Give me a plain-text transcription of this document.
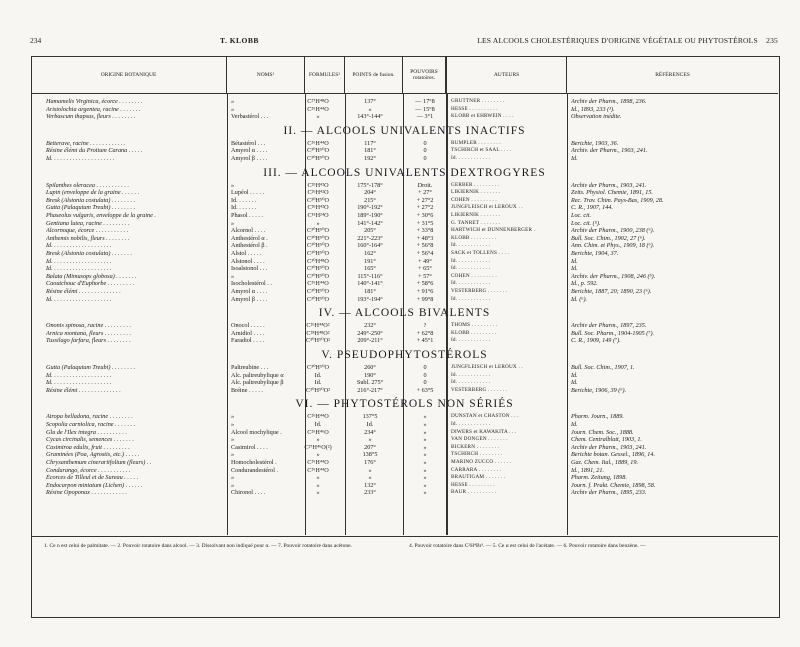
234	T. KLOBB	LES ALCOOLS CHOLESTÉRIQUES D'ORIGINE VÉGÉTALE OU PHYTOSTÉROLS 235
ORIGINE BOTANIQUE	NOMS¹	FORMULES²	POINTS de fusion.	POUVOIRS rotatoires.	AUTEURS	RÉFÉRENCES
Hamamelis Virginica, écorce . . . . . . . .	»	C²⁷H⁴⁸O	137°	— 17°8	GRÜTTNER . . . . . . . .	Archiv der Pharm., 1898, 236.
Aristolochia argentea, racine . . . . . . .	»	C²⁶H⁴⁴O	»	— 15°8	HESSE . . . . . . . . . .	Id., 1893, 233 (³).
Verbascum thapsus, fleurs . . . . . . . .	Verbastérol . . .	»	143°-144°	— 3°1	KLOBB et EHRWEIN . . . .	Observation inédite.
II. — ALCOOLS UNIVALENTS INACTIFS
Betterave, racine . . . . . . . . . . . .	Bétastérol . . .	C²⁶H⁴⁴O	117°	0	RÜMPLER . . . . . . . .	Berichte, 1903, 36.
Résine élémi du Protium Carana . . . . .	Amyrol α . . . .	C³⁰H⁵⁰O	181°	0	TSCHIRCH et SAAL . . . .	Archiv. der Pharm., 1903, 241.
Id. . . . . . . . . . . . . . . . . . . . .	Amyrol β . . . .	C³⁰H⁵⁰O	192°	0	Id. . . . . . . . . . . .	Id.
III. — ALCOOLS UNIVALENTS DEXTROGYRES
Spilanthes oleracea . . . . . . . . . . .	»	C²⁶H⁴²O	175°-178°	Droit.	GERBER . . . . . . . . .	Archiv der Pharm., 1903, 241.
Lupin (enveloppe de la graine . . . . . .	Lupéol . . . . .	C²⁶H⁴²O	204°	+ 27°	LIKIERNIK . . . . . . .	Zeits. Physiol. Chemie, 1891, 15.
Bresk (Alstonia costulata) . . . . . . . .	Id. . . . . . .	C³⁰H⁵⁰O	215°	+ 27°2	COHEN . . . . . . . . .	Rec. Trav. Chim. Pays-Bas, 1909, 28.
Gutta (Palaquium Treubi) . . . . . . . .	Id. . . . . . .	C²⁶H⁴²O	190°-192°	+ 27°2	JUNGFLEISCH et LEROUX . .	C. R., 1907, 144.
Phaseolus vulgaris, enveloppe de la graine .	Phasol . . . . .	C¹⁵H²⁴O	189°-190°	+ 30°6	LIKIERNIK . . . . . . .	Loc. cit.
Gentiana lutea, racine . . . . . . . . .	»	»	141°-142°	+ 31°5	G. TANRET . . . . . . .	Loc. cit. (⁵).
Alcornoque, écorce . . . . . . . . . . .	Alcornol . . . .	C³⁰H⁵⁰O	205°	+ 33°8	HARTWICH et DÜNNENBERGER .	Archiv der Pharm., 1900, 238 (⁶).
Anthemis nobilis, fleurs . . . . . . . .	Anthestérol α .	C³⁰H⁵⁰O	221°-223°	+ 48°3	KLOBB . . . . . . . . .	Bull. Soc. Chim., 1902, 27 (⁶).
Id. . . . . . . . . . . . . . . . . . . .	Anthestérol β .	C³⁰H⁵⁰O	160°-164°	+ 56°8	Id. . . . . . . . . . . .	Ann. Chim. et Phys., 1909, 18 (⁶).
Bresk (Alstonia costulata) . . . . . . .	Alstol . . . . .	C³⁰H⁵⁰O	162°	+ 56°4	SACK et TOLLENS . . . .	Berichte, 1904, 37.
Id. . . . . . . . . . . . . . . . . . . .	Alstonol . . . .	C³⁰H⁴⁸O	191°	+ 49°	Id. . . . . . . . . . . .	Id.
Id. . . . . . . . . . . . . . . . . . . .	Isoalstonol . . .	C³⁰H⁵⁰O	165°	+ 65°	Id. . . . . . . . . . . .	Id.
Balata (Mimusops globosa) . . . . . . .	»	C³⁰H⁵⁰O	115°-116°	+ 57°	COHEN . . . . . . . . .	Archiv. der Pharm., 1908, 246 (⁵).
Caoutchouc d'Euphorbe . . . . . . . . .	Isocholestérol . .	C²⁶H⁴⁴O	140°-141°	+ 58°6	Id. . . . . . . . . . . .	Id., p. 592.
Résine élémi . . . . . . . . . . . . . .	Amyrol α . . . .	C³⁰H⁵⁰O	181°	+ 91°6	VESTERBERG . . . . . . .	Berichte, 1887, 20; 1890, 23 (⁶).
Id. . . . . . . . . . . . . . . . . . . .	Amyrol β . . . .	C³⁰H⁵⁰O	193°-194°	+ 99°8	Id. . . . . . . . . . . .	Id. (⁶).
IV. — ALCOOLS BIVALENTS
Ononis spinosa, racine . . . . . . . . .	Onocol . . . . .	C²⁶H⁴⁴O²	232°	?	THOMS . . . . . . . . .	Archiv der Pharm., 1897, 235.
Arnica montana, fleurs . . . . . . . . .	Arnidiol . . . .	C²⁸H⁴⁸O²	249°-250°	+ 62°8	KLOBB . . . . . . . . .	Bull. Soc. Pharm., 1904-1905 (⁷).
Tussilago farfara, fleurs . . . . . . . .	Faradiol . . . .	C³⁰H⁵⁰O²	209°-211°	+ 45°1	Id. . . . . . . . . . . .	C. R., 1909, 149 (⁷).
V. PSEUDOPHYTOSTÉROLS
Gutta (Palaquium Treubi) . . . . . . . .	Paltreubine . . .	C³⁰H⁵⁰O	260°	0	JUNGFLEISCH et LEROUX . .	Bull. Soc. Chim., 1907, 1.
Id. . . . . . . . . . . . . . . . . . . .	Alc. paltreubylique α	Id.	190°	0	Id. . . . . . . . . . . .	Id.
Id. . . . . . . . . . . . . . . . . . . .	Alc. paltreubylique β	Id.	Subl. 275°	0	Id. . . . . . . . . . . .	Id.
Résine élémi . . . . . . . . . . . . . .	Bréine . . . . .	C³⁰H⁵⁰O²	216°-217°	+ 63°5	VESTERBERG . . . . . . .	Berichte, 1906, 39 (⁶).
VI. — PHYTOSTÉROLS NON SÉRIÉS
Atropa belladona, racine . . . . . . . .	»	C²⁶H⁴⁴O	137°5	»	DUNSTAN et CHASTON . . .	Pharm. Journ., 1889.
Scopolia carniolica, racine . . . . . . .	»	Id.	Id.	»	Id. . . . . . . . . . . .	Id.
Glu de l'Ilex integra . . . . . . . . . .	Alcool mochylique .	C²⁶H⁴⁶O	234°	»	DIWERS et KAWAKITA . . .	Journ. Chem. Soc., 1888.
Cycas circinalis, semences . . . . . . .	»	»	»	»	VAN DONGEN . . . . . . .	Chem. Centralblatt, 1903, 1.
Casimiroa edulis, fruit . . . . . . . . .	Casimirol . . . .	C²⁷H⁴⁶O(²)	207°	»	BICKERN . . . . . . . .	Archiv der Pharm., 1903, 241.
Graminées (Poa, Agrostis, etc.) . . . . .	»	»	138°5	»	TSCHIRCH . . . . . . . .	Berichte botan. Gessel., 1896, 14.
Chrysanthemum cinerariifolium (fleurs) . .	Homocholestérol .	C²⁶H⁴⁴O	176°	»	MARINO ZUCCO . . . . . .	Gaz. Chem. Ital., 1889, 19.
Condurango, écorce . . . . . . . . . . .	Condurandestérol .	C²⁶H⁴⁴O	»	»	CARRARA . . . . . . . .	Id., 1891, 21.
Écorces de Tilleul et de Sureau . . . . .	»	»	»	»	BRÄUTIGAM . . . . . . .	Pharm. Zeitung, 1898.
Endocarpon miniatum (Lichen) . . . . . .	»	»	132°	»	HESSE . . . . . . . . .	Journ. f. Prakt. Chemie, 1898, 58.
Résine Opoponax . . . . . . . . . . . .	Chironol . . . .	»	233°	»	BAUR . . . . . . . . . .	Archiv der Pharm., 1895, 233.
1. Ce n est celui de palmitate. — 2. Pouvoir rotatoire dans alcool. — 3. Dissolvant non indiqué pour α. — 7. Pouvoir rotatoire dans acétone.	4. Pouvoir rotatoire dans C²H⁴Br². — 5. Ce α est celui de l'acétate. — 6. Pouvoir rotatoire dans benzène. —
